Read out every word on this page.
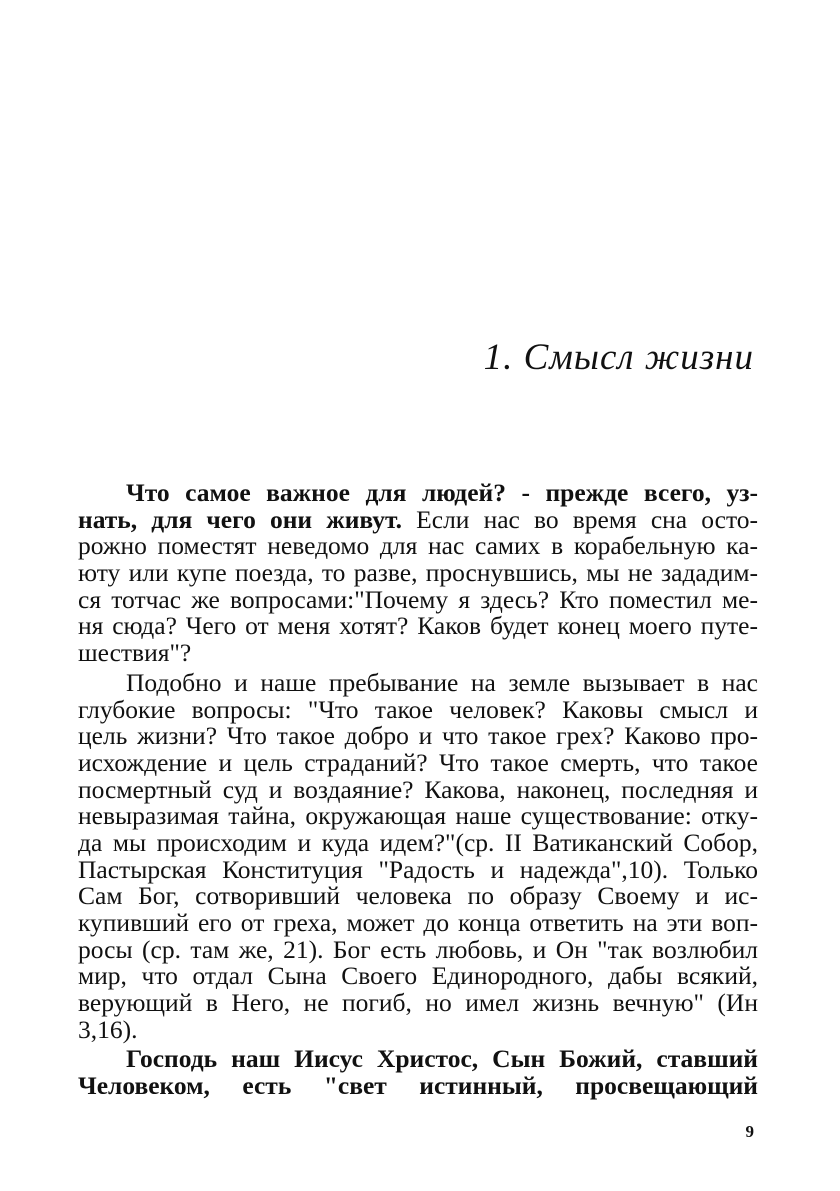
1. Смысл жизни
Что самое важное для людей? - прежде всего, уз-
нать, для чего они живут. Если нас во время сна осто-
рожно поместят неведомо для нас самих в корабельную ка-
юту или купе поезда, то разве, проснувшись, мы не зададим-
ся тотчас же вопросами:"Почему я здесь? Кто поместил ме-
ня сюда? Чего от меня хотят? Каков будет конец моего путе-
шествия"?
Подобно и наше пребывание на земле вызывает в нас
глубокие вопросы: "Что такое человек? Каковы смысл и
цель жизни? Что такое добро и что такое грех? Каково про-
исхождение и цель страданий? Что такое смерть, что такое
посмертный суд и воздаяние? Какова, наконец, последняя и
невыразимая тайна, окружающая наше существование: отку-
да мы происходим и куда идем?"(ср. II Ватиканский Собор,
Пастырская Конституция "Радость и надежда",10). Только
Сам Бог, сотворивший человека по образу Своему и ис-
купивший его от греха, может до конца ответить на эти воп-
росы (ср. там же, 21). Бог есть любовь, и Он "так возлюбил
мир, что отдал Сына Своего Единородного, дабы всякий,
верующий в Него, не погиб, но имел жизнь вечную" (Ин
3,16).
Господь наш Иисус Христос, Сын Божий, ставший
Человеком, есть "свет истинный, просвещающий
9
